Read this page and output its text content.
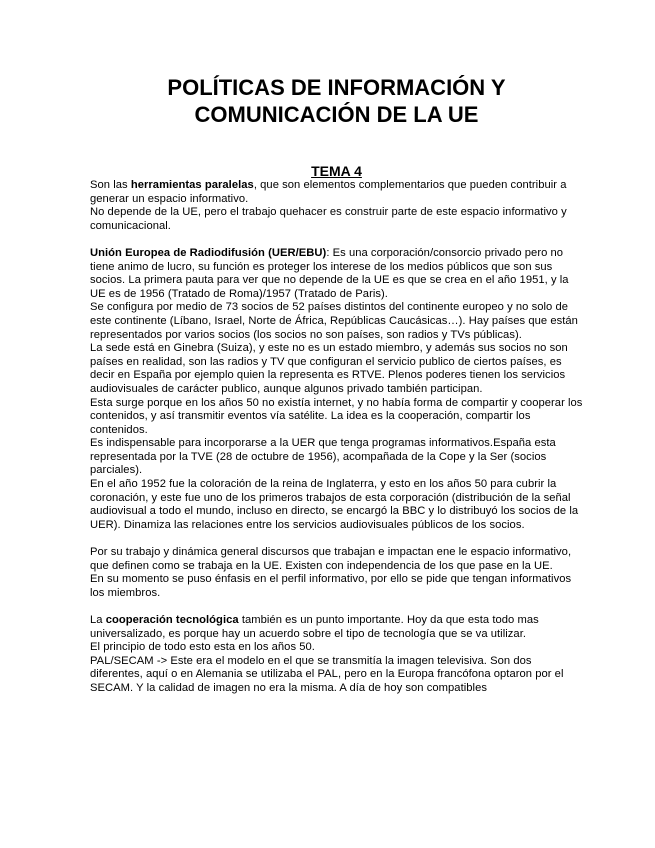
POLÍTICAS DE INFORMACIÓN Y
COMUNICACIÓN DE LA UE
TEMA 4

Son las herramientas paralelas, que son elementos complementarios que pueden contribuir a generar un espacio informativo.

No depende de la UE, pero el trabajo quehacer es construir parte de este espacio informativo y comunicacional.

Unión Europea de Radiodifusión (UER/EBU): Es una corporación/consorcio privado pero no tiene animo de lucro, su función es proteger los interese de los medios públicos que son sus socios. La primera pauta para ver que no depende de la UE es que se crea en el año 1951, y la UE es de 1956 (Tratado de Roma)/1957 (Tratado de Paris).

Se configura por medio de 73 socios de 52 países distintos del continente europeo y no solo de este continente (Líbano, Israel, Norte de África, Repúblicas Caucásicas…). Hay países que están representados por varios socios (los socios no son países, son radios y TVs públicas).

La sede está en Ginebra (Suiza), y este no es un estado miembro, y además sus socios no son países en realidad, son las radios y TV que configuran el servicio publico de ciertos países, es decir en España por ejemplo quien la representa es RTVE. Plenos poderes tienen los servicios audiovisuales de carácter publico, aunque algunos privado también participan.

Esta surge porque en los años 50 no existía internet, y no había forma de compartir y cooperar los contenidos, y así transmitir eventos vía satélite. La idea es la cooperación, compartir los contenidos.

Es indispensable para incorporarse a la UER que tenga programas informativos.España esta representada por la TVE (28 de octubre de 1956), acompañada de la Cope y la Ser (socios parciales).

En el año 1952 fue la coloración de la reina de Inglaterra, y esto en los años 50 para cubrir la coronación, y este fue uno de los primeros trabajos de esta corporación (distribución de la señal audiovisual a todo el mundo, incluso en directo, se encargó la BBC y lo distribuyó los socios de la UER). Dinamiza las relaciones entre los servicios audiovisuales públicos de los socios.

Por su trabajo y dinámica general discursos que trabajan e impactan ene le espacio informativo, que definen como se trabaja en la UE. Existen con independencia de los que pase en la UE.

En su momento se puso énfasis en el perfil informativo, por ello se pide que tengan informativos los miembros.

La cooperación tecnológica también es un punto importante. Hoy da que esta todo mas universalizado, es porque hay un acuerdo sobre el tipo de tecnología que se va utilizar.

El principio de todo esto esta en los años 50.

PAL/SECAM -> Este era el modelo en el que se transmitía la imagen televisiva. Son dos diferentes, aquí o en Alemania se utilizaba el PAL, pero en la Europa francófona optaron por el SECAM. Y la calidad de imagen no era la misma. A día de hoy son compatibles
